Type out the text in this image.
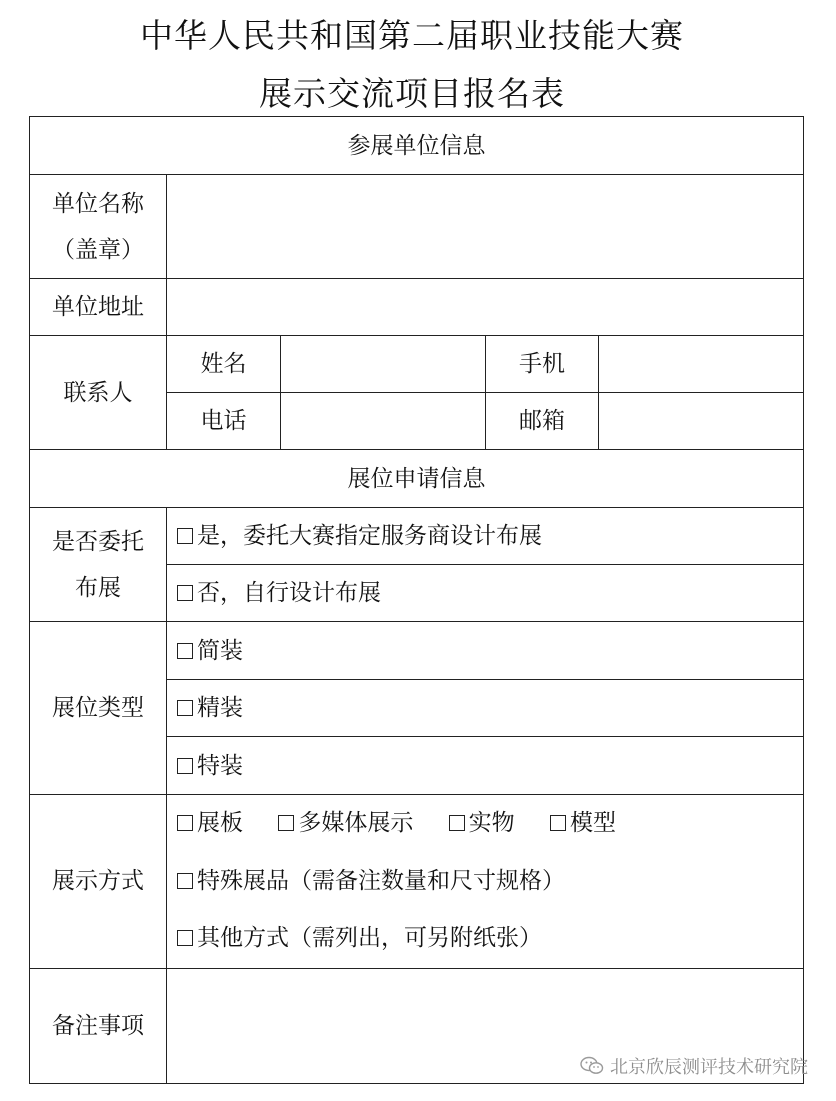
中华人民共和国第二届职业技能大赛
展示交流项目报名表
参展单位信息				

单位名称
（盖章）				

单位地址				
联系人	姓名		手机	
	电话		邮箱	
展位申请信息				

是否委托
布展	是，委托大赛指定服务商设计布展			
	否，自行设计布展			
展位类型	简装			
	精装			
	特装			
展示方式	展板 多媒体展示 实物 模型
特殊展品（需备注数量和尺寸规格）
其他方式（需列出，可另附纸张）			

备注事项				
北京欣辰测评技术研究院
